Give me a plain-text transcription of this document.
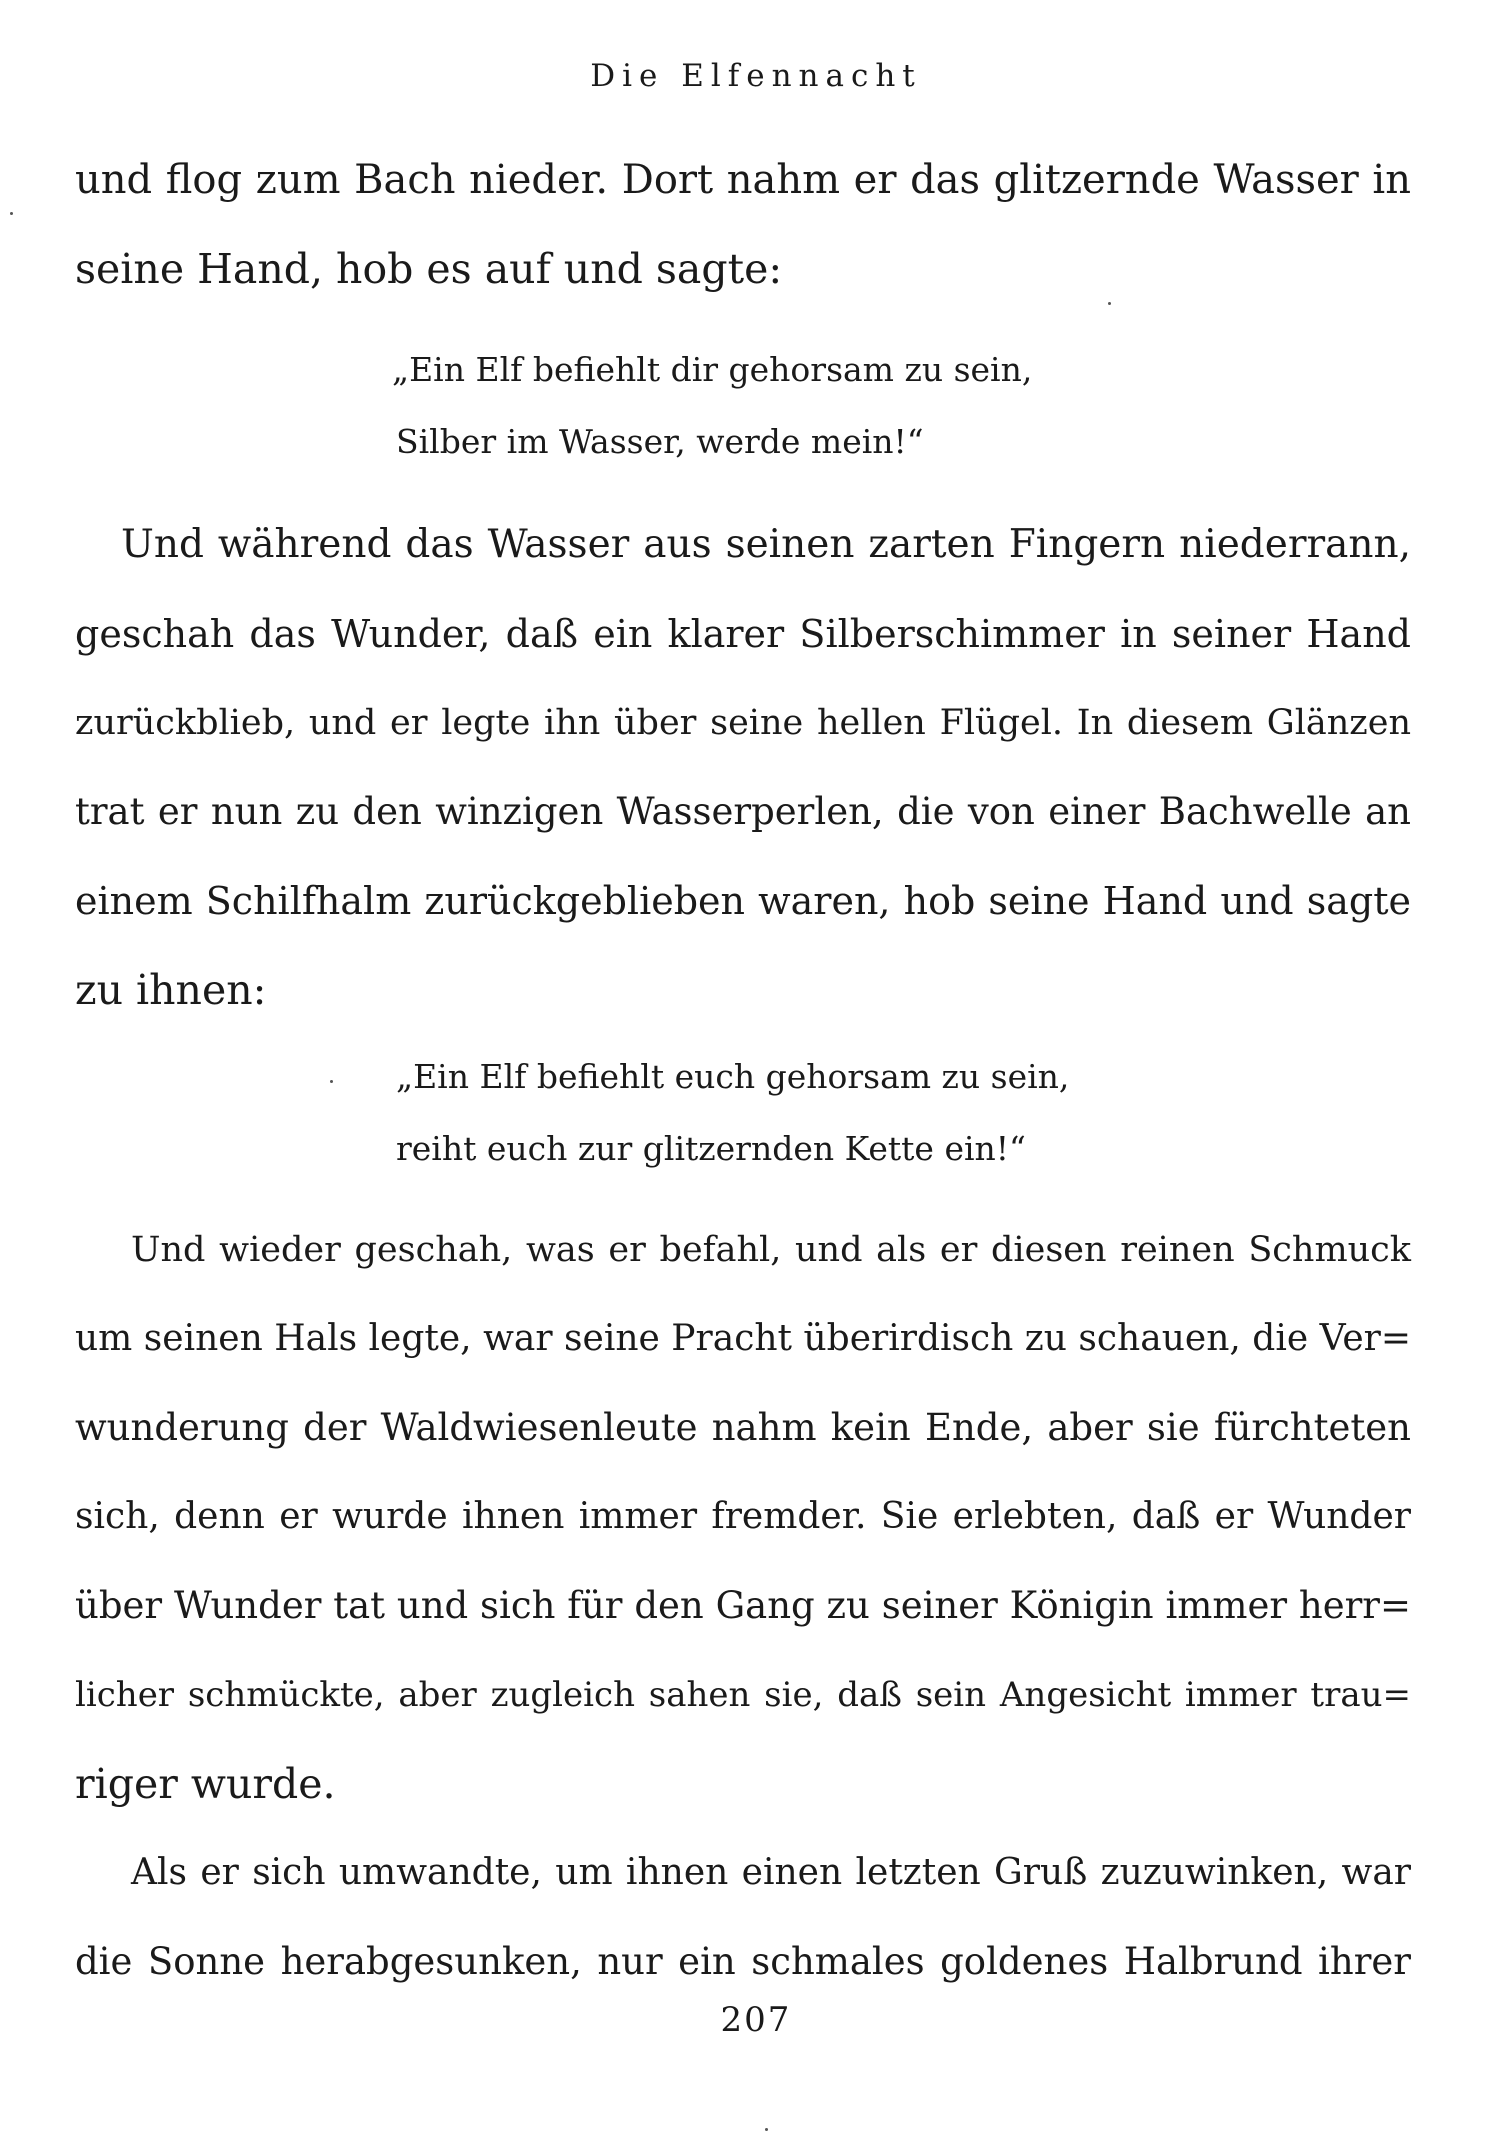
Die Elfennacht
und flog zum Bach nieder. Dort nahm er das glitzernde Wasser in
seine Hand, hob es auf und sagte:
„Ein Elf befiehlt dir gehorsam zu sein,
Silber im Wasser, werde mein!“
Und während das Wasser aus seinen zarten Fingern niederrann,
geschah das Wunder, daß ein klarer Silberschimmer in seiner Hand
zurückblieb, und er legte ihn über seine hellen Flügel. In diesem Glänzen
trat er nun zu den winzigen Wasserperlen, die von einer Bachwelle an
einem Schilfhalm zurückgeblieben waren, hob seine Hand und sagte
zu ihnen:
„Ein Elf befiehlt euch gehorsam zu sein,
reiht euch zur glitzernden Kette ein!“
Und wieder geschah, was er befahl, und als er diesen reinen Schmuck
um seinen Hals legte, war seine Pracht überirdisch zu schauen, die Ver=
wunderung der Waldwiesenleute nahm kein Ende, aber sie fürchteten
sich, denn er wurde ihnen immer fremder. Sie erlebten, daß er Wunder
über Wunder tat und sich für den Gang zu seiner Königin immer herr=
licher schmückte, aber zugleich sahen sie, daß sein Angesicht immer trau=
riger wurde.
Als er sich umwandte, um ihnen einen letzten Gruß zuzuwinken, war
die Sonne herabgesunken, nur ein schmales goldenes Halbrund ihrer
207
